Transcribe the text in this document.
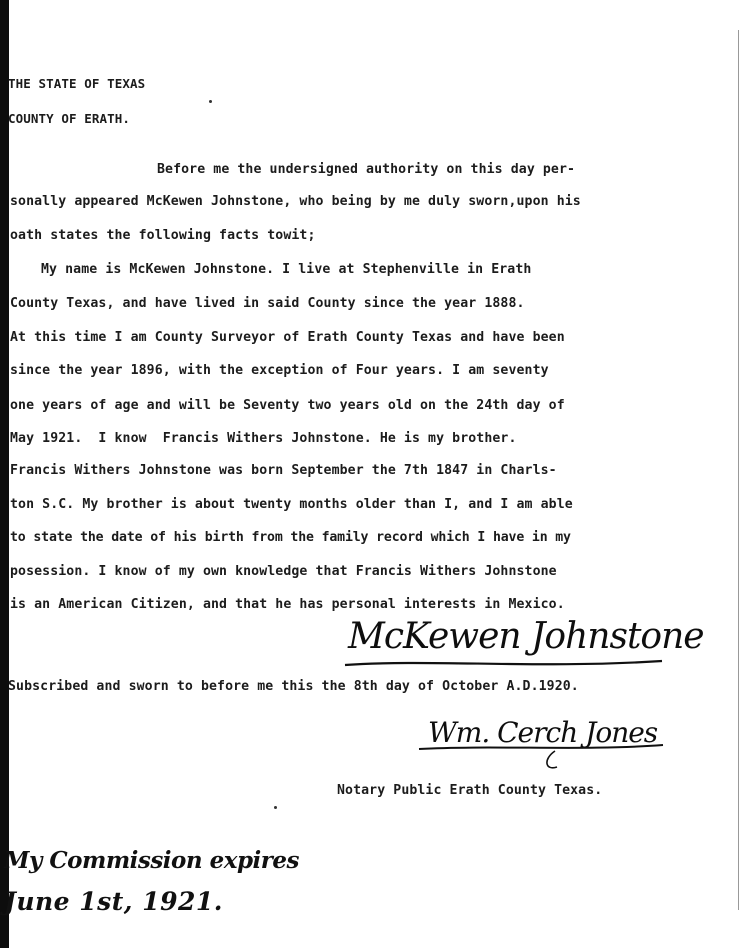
THE STATE OF TEXAS
COUNTY OF ERATH.
Before me the undersigned authority on this day per-
sonally appeared McKewen Johnstone, who being by me duly sworn,upon his
oath states the following facts towit;
My name is McKewen Johnstone. I live at Stephenville in Erath
County Texas, and have lived in said County since the year 1888.
At this time I am County Surveyor of Erath County Texas and have been
since the year 1896, with the exception of Four years. I am seventy
one years of age and will be Seventy two years old on the 24th day of
May 1921.  I know  Francis Withers Johnstone. He is my brother.
Francis Withers Johnstone was born September the 7th 1847 in Charls-
ton S.C. My brother is about twenty months older than I, and I am able
to state the date of his birth from the family record which I have in my
posession. I know of my own knowledge that Francis Withers Johnstone
is an American Citizen, and that he has personal interests in Mexico.
McKewen Johnstone
Subscribed and sworn to before me this the 8th day of October A.D.1920.
Wm. Cerch Jones
Notary Public Erath County Texas.
My Commission expires
June 1st, 1921.
